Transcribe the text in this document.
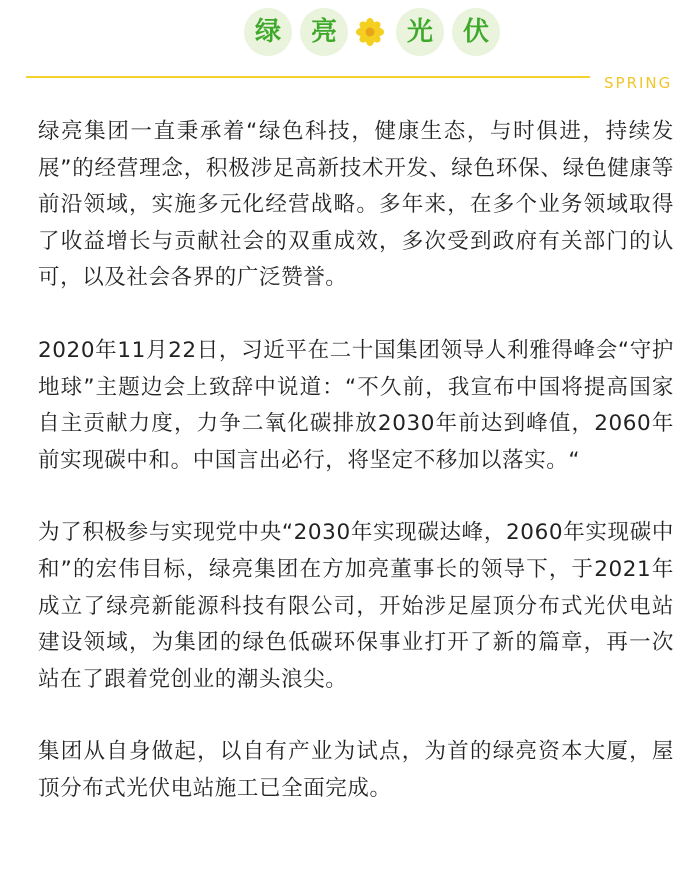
绿	亮	光	伏
SPRING

绿亮集团一直秉承着“绿色科技，健康生态，与时俱进，持续发展”的经营理念，积极涉足高新技术开发、绿色环保、绿色健康等前沿领域，实施多元化经营战略。多年来，在多个业务领域取得了收益增长与贡献社会的双重成效，多次受到政府有关部门的认可，以及社会各界的广泛赞誉。

2020年11月22日，习近平在二十国集团领导人利雅得峰会“守护地球”主题边会上致辞中说道：“不久前，我宣布中国将提高国家自主贡献力度，力争二氧化碳排放2030年前达到峰值，2060年前实现碳中和。中国言出必行，将坚定不移加以落实。“

为了积极参与实现党中央“2030年实现碳达峰，2060年实现碳中和”的宏伟目标，绿亮集团在方加亮董事长的领导下，于2021年成立了绿亮新能源科技有限公司，开始涉足屋顶分布式光伏电站建设领域，为集团的绿色低碳环保事业打开了新的篇章，再一次站在了跟着党创业的潮头浪尖。

集团从自身做起，以自有产业为试点，为首的绿亮资本大厦，屋顶分布式光伏电站施工已全面完成。
